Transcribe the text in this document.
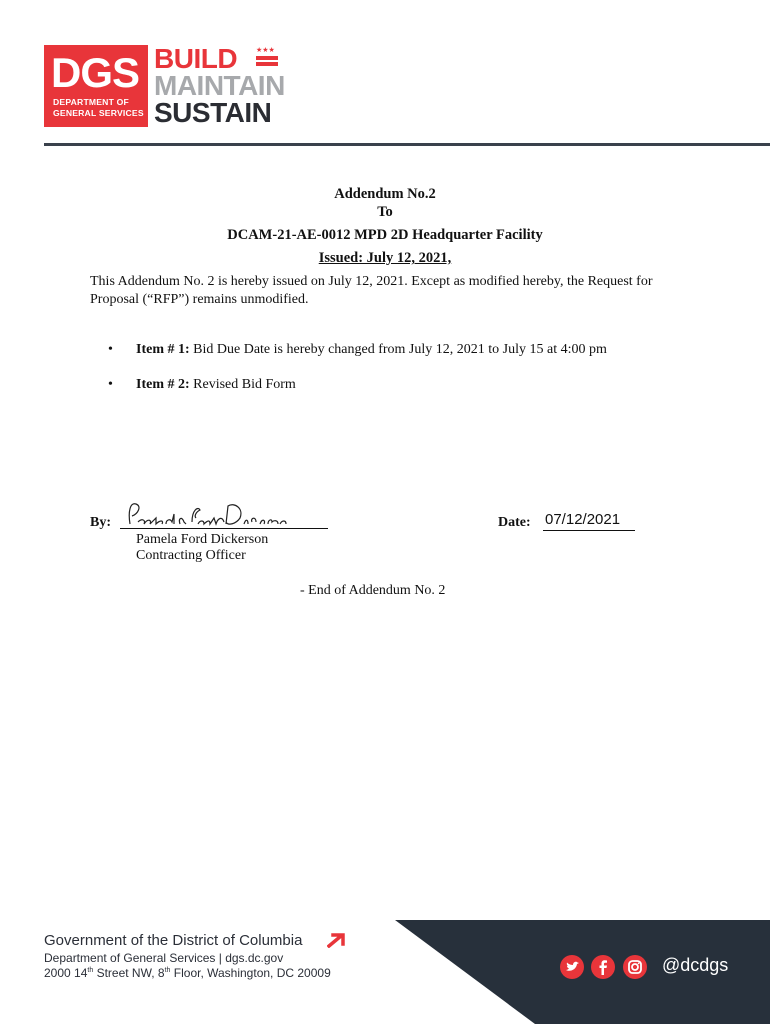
DGS
DEPARTMENT OF
GENERAL SERVICES
BUILD
MAINTAIN
SUSTAIN
★★★
Addendum No.2
To
DCAM-21-AE-0012 MPD 2D Headquarter Facility
Issued: July 12, 2021,
This Addendum No. 2 is hereby issued on July 12, 2021. Except as modified hereby, the Request for
Proposal (“RFP”) remains unmodified.
• Item # 1: Bid Due Date is hereby changed from July 12, 2021 to July 15 at 4:00 pm
• Item # 2: Revised Bid Form
By:
Pamela Ford Dickerson
Contracting Officer
Date: 07/12/2021
- End of Addendum No. 2
Government of the District of Columbia
Department of General Services | dgs.dc.gov
2000 14th Street NW, 8th Floor, Washington, DC 20009	@dcdgs
